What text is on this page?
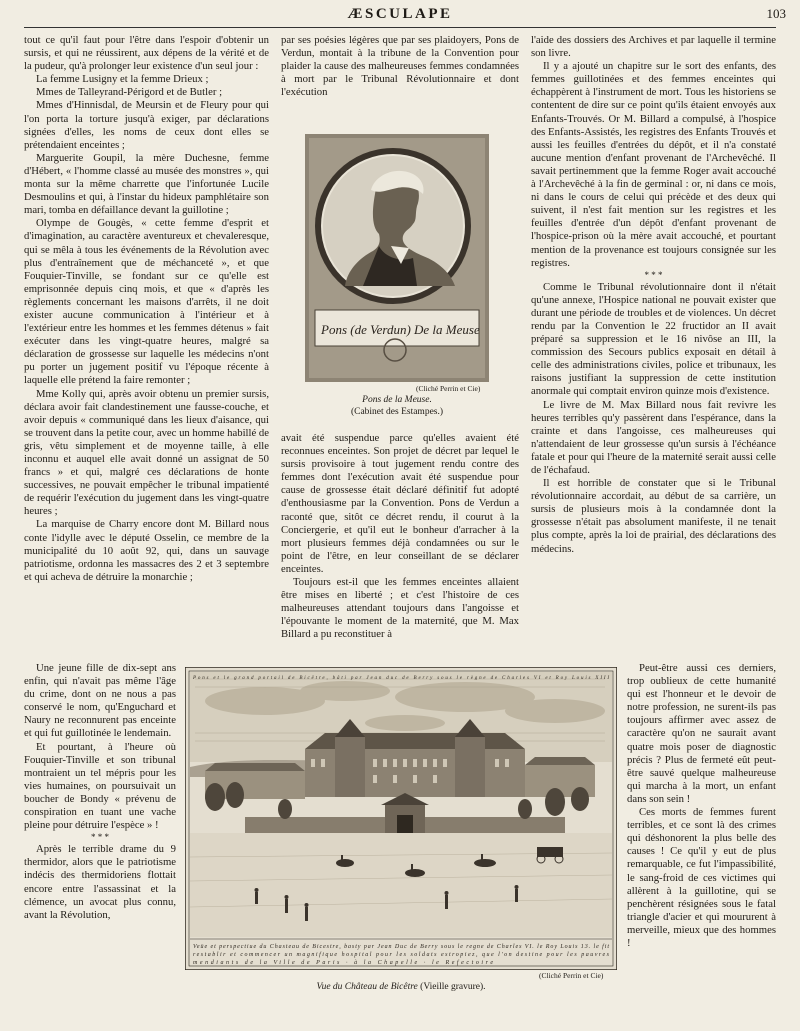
ÆSCULAPE	103

tout ce qu'il faut pour l'être dans l'espoir d'obtenir un sursis, et qui ne réussirent, aux dépens de la vérité et de la pudeur, qu'à prolonger leur existence d'un seul jour :

La femme Lusigny et la femme Drieux ;

Mmes de Talleyrand-Périgord et de Butler ;

Mmes d'Hinnisdal, de Meursin et de Fleury pour qui l'on porta la torture jusqu'à exiger, par déclarations signées d'elles, les noms de ceux dont elles se prétendaient enceintes ;

Marguerite Goupil, la mère Duchesne, femme d'Hébert, « l'homme classé au musée des monstres », qui monta sur la même charrette que l'infortunée Lucile Desmoulins et qui, à l'instar du hideux pamphlétaire son mari, tomba en défaillance devant la guillotine ;

Olympe de Gougès, « cette femme d'esprit et d'imagination, au caractère aventureux et chevaleresque, qui se mêla à tous les événements de la Révolution avec plus d'entraînement que de méchanceté », et que Fouquier-Tinville, se fondant sur ce qu'elle est emprisonnée depuis cinq mois, et que « d'après les règlements concernant les maisons d'arrêts, il ne doit exister aucune communication à l'intérieur et à l'extérieur entre les hommes et les femmes détenus » fait exécuter dans les vingt-quatre heures, malgré sa déclaration de grossesse sur laquelle les médecins n'ont pu porter un jugement positif vu l'époque récente à laquelle elle prétend la faire remonter ;

Mme Kolly qui, après avoir obtenu un premier sursis, déclara avoir fait clandestinement une fausse-couche, et avoir depuis « communiqué dans les lieux d'aisance, qui se trouvent dans la petite cour, avec un homme habillé de gris, vêtu simplement et de moyenne taille, à elle inconnu et auquel elle avait donné un assignat de 50 francs » et qui, malgré ces déclarations de honte successives, ne pouvait empêcher le tribunal impatienté de requérir l'exécution du jugement dans les vingt-quatre heures ;

La marquise de Charry encore dont M. Billard nous conte l'idylle avec le député Osselin, ce membre de la municipalité du 10 août 92, qui, dans un sauvage patriotisme, ordonna les massacres des 2 et 3 septembre et qui acheva de détruire la monarchie ;

Une jeune fille de dix-sept ans enfin, qui n'avait pas même l'âge du crime, dont on ne nous a pas conservé le nom, qu'Enguchard et Naury ne reconnurent pas enceinte et qui fut guillotinée le lendemain.

Et pourtant, à l'heure où Fouquier-Tinville et son tribunal montraient un tel mépris pour les vies humaines, on poursuivait un boucher de Bondy « prévenu de conspiration en tuant une vache pleine pour détruire l'espèce » !

* * *

Après le terrible drame du 9 thermidor, alors que le patriotisme indécis des thermidoriens flottait encore entre l'assassinat et la clémence, un avocat plus connu, avant la Révolution,

par ses poésies légères que par ses plaidoyers, Pons de Verdun, montait à la tribune de la Convention pour plaider la cause des malheureuses femmes condamnées à mort par le Tribunal Révolutionnaire et dont l'exécution

Pons (de Verdun) De la Meuse
(Cliché Perrin et Cie)
Pons de la Meuse.
(Cabinet des Estampes.)

avait été suspendue parce qu'elles avaient été reconnues enceintes. Son projet de décret par lequel le sursis provisoire à tout jugement rendu contre des femmes dont l'exécution avait été suspendue pour cause de grossesse était déclaré définitif fut adopté d'enthousiasme par la Convention. Pons de Verdun a raconté que, sitôt ce décret rendu, il courut à la Conciergerie, et qu'il eut le bonheur d'arracher à la mort plusieurs femmes déjà condamnées ou sur le point de l'être, en leur conseillant de se déclarer enceintes.

Toujours est-il que les femmes enceintes allaient être mises en liberté ; et c'est l'histoire de ces malheureuses attendant toujours dans l'angoisse et l'épouvante le moment de la maternité, que M. Max Billard a pu reconstituer à

l'aide des dossiers des Archives et par laquelle il termine son livre.

Il y a ajouté un chapitre sur le sort des enfants, des femmes guillotinées et des femmes enceintes qui échappèrent à l'instrument de mort. Tous les historiens se contentent de dire sur ce point qu'ils étaient envoyés aux Enfants-Trouvés. Or M. Billard a compulsé, à l'hospice des Enfants-Assistés, les registres des Enfants Trouvés et aussi les feuilles d'entrées du dépôt, et il n'a constaté aucune mention d'enfant provenant de l'Archevêché. Il savait pertinemment que la femme Roger avait accouché à l'Archevêché à la fin de germinal : or, ni dans ce mois, ni dans le cours de celui qui précède et des deux qui suivent, il n'est fait mention sur les registres et les feuilles d'entrée d'un dépôt d'enfant provenant de l'hospice-prison où la mère avait accouché, et pourtant mention de la provenance est toujours consignée sur les registres.

* * *

Comme le Tribunal révolutionnaire dont il n'était qu'une annexe, l'Hospice national ne pouvait exister que durant une période de troubles et de violences. Un décret rendu par la Convention le 22 fructidor an II avait préparé sa suppression et le 16 nivôse an III, la commission des Secours publics exposait en détail à celle des administrations civiles, police et tribunaux, les raisons justifiant la suppression de cette institution anormale qui comptait environ quinze mois d'existence.

Le livre de M. Max Billard nous fait revivre les heures terribles qu'y passèrent dans l'espérance, dans la crainte et dans l'angoisse, ces malheureuses qui n'attendaient de leur grossesse qu'un sursis à l'échéance fatale et pour qui l'heure de la maternité serait aussi celle de l'échafaud.

Il est horrible de constater que si le Tribunal révolutionnaire accordait, au début de sa carrière, un sursis de plusieurs mois à la condamnée dont la grossesse n'était pas absolument manifeste, il ne tenait plus compte, après la loi de prairial, des déclarations des médecins.

Peut-être aussi ces derniers, trop oublieux de cette humanité qui est l'honneur et le devoir de notre profession, ne surent-ils pas toujours affirmer avec assez de caractère qu'on ne saurait avant quatre mois poser de diagnostic précis ? Plus de fermeté eût peut-être sauvé quelque malheureuse qui marcha à la mort, un enfant dans son sein !

Ces morts de femmes furent terribles, et ce sont là des crimes qui déshonorent la plus belle des causes ! Ce qu'il y eut de plus remarquable, ce fut l'impassibilité, le sang-froid de ces victimes qui allèrent à la guillotine, qui se penchèrent résignées sous le fatal triangle d'acier et qui moururent à merveille, mieux que des hommes !

Pons et le grand portail de Bicêtre, bâti par Jean duc de Berry sous le règne de Charles VI et Roy Louis XIII
Veüe et perspectiue du Chasteau de Bicestre, basty par Jean Duc de Berry sous le regne de Charles VI. le Roy Louis 13. le fit
restablir et commencer un magnifique hospital pour les soldats estropiez, que l'on destine pour les pauvres
mendiants de la Ville de Paris · à la Chapelle · le Refectoire
(Cliché Perrin et Cie)
Vue du Château de Bicêtre (Vieille gravure).
